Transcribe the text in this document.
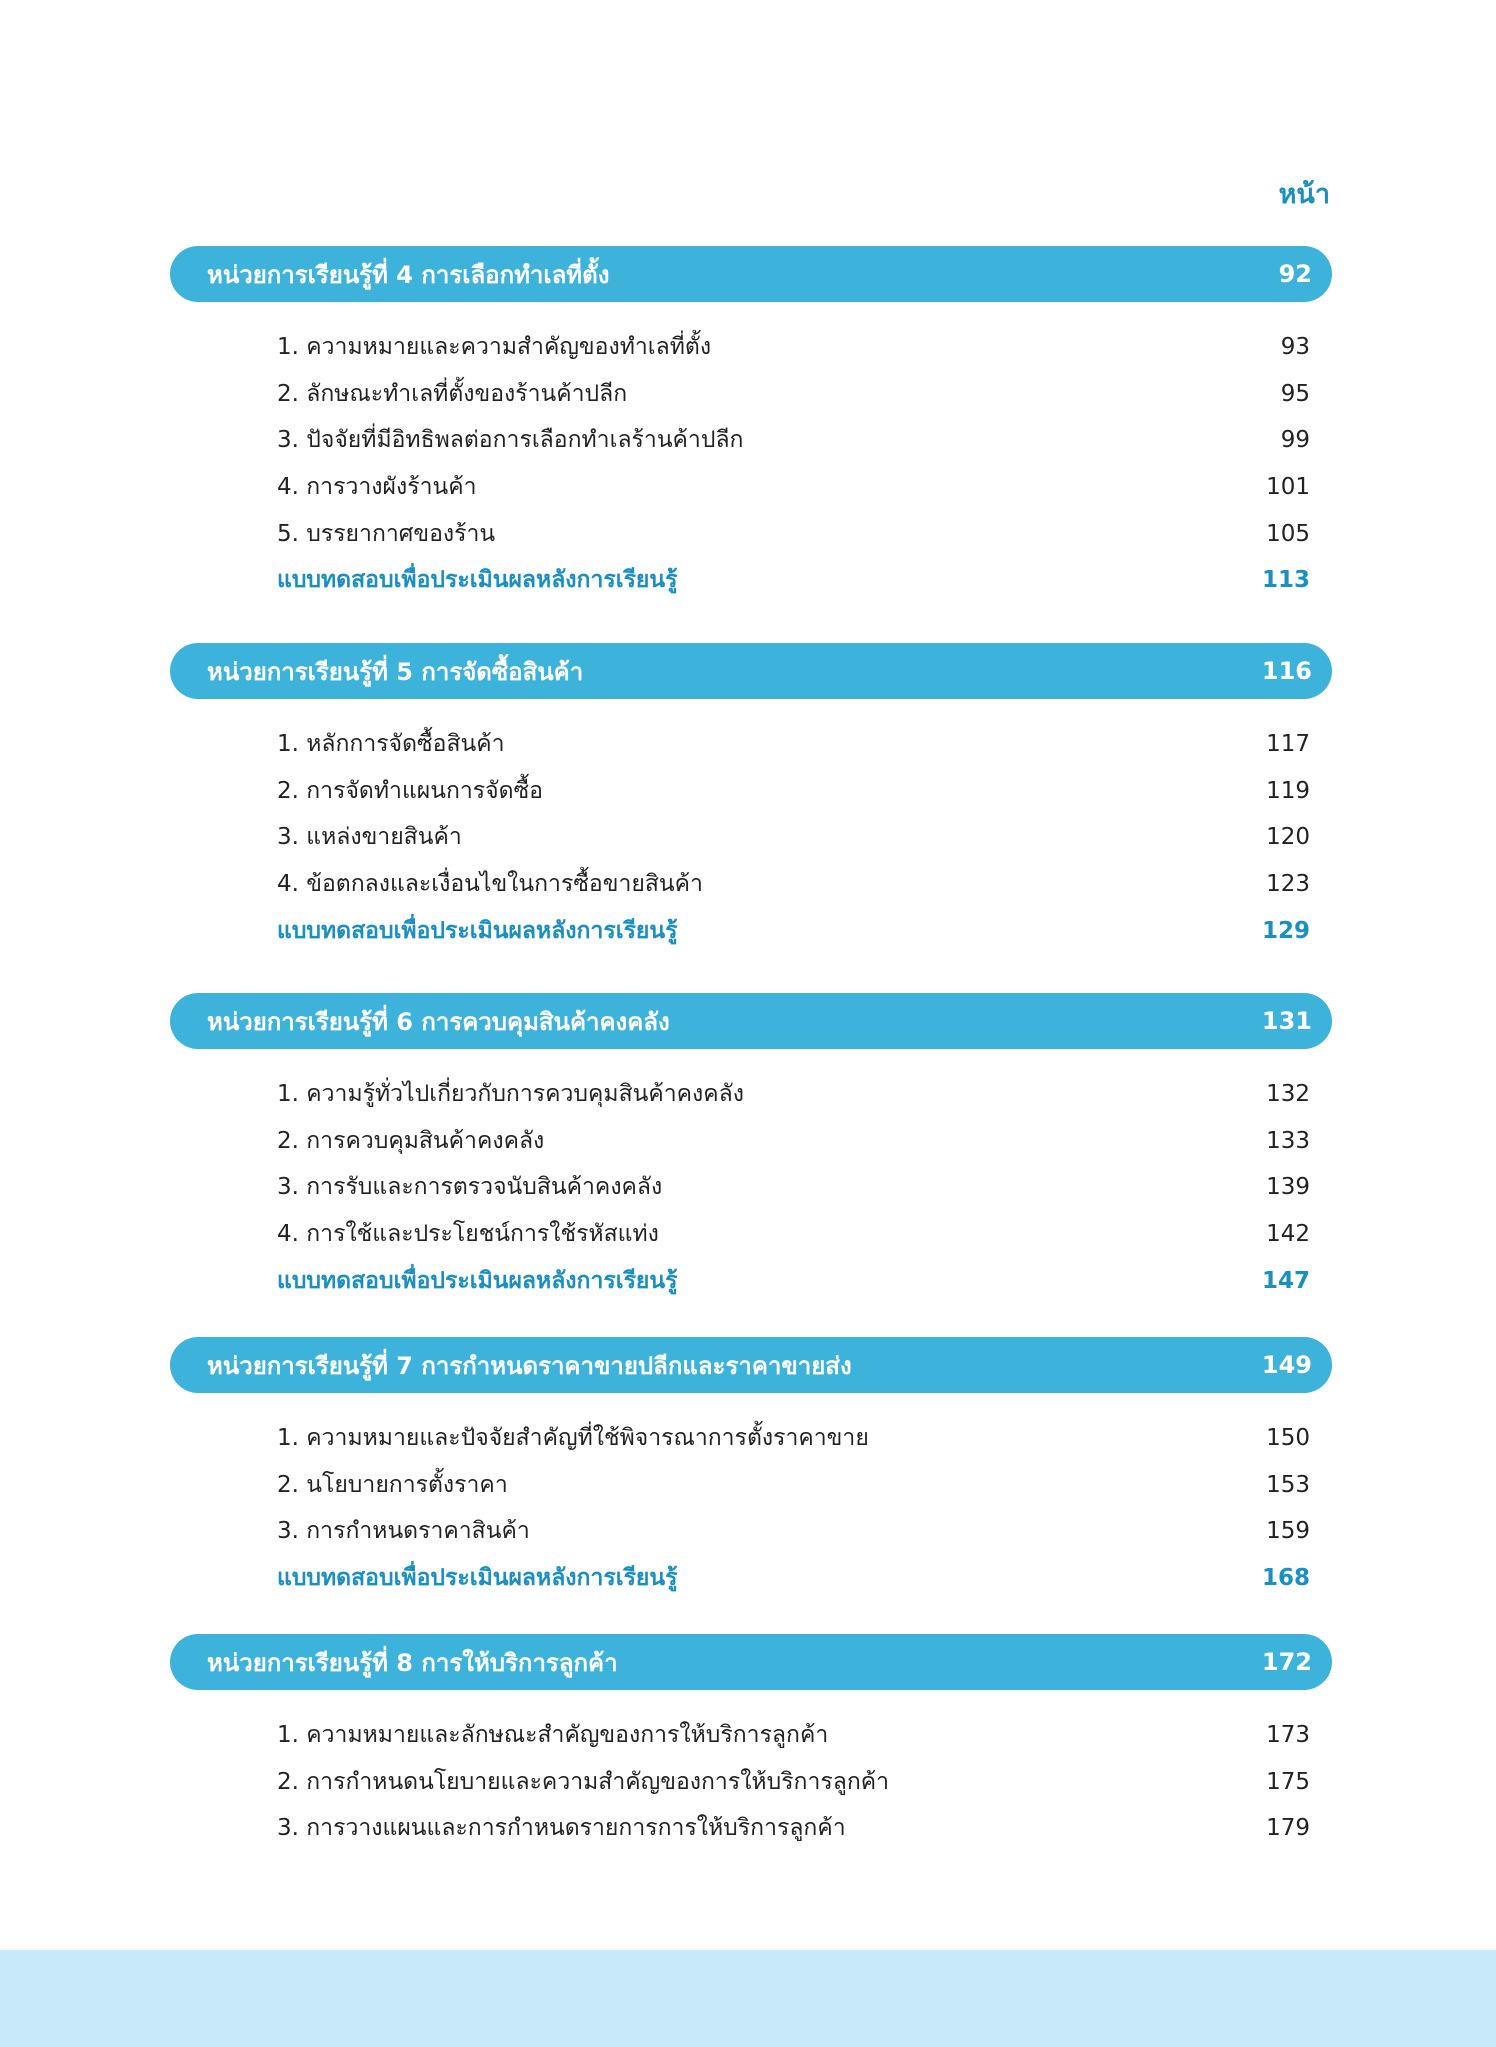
หน้า
หน่วยการเรียนรู้ที่ 4 การเลือกทำเลที่ตั้ง	92
1. ความหมายและความสำคัญของทำเลที่ตั้ง	93
2. ลักษณะทำเลที่ตั้งของร้านค้าปลีก	95
3. ปัจจัยที่มีอิทธิพลต่อการเลือกทำเลร้านค้าปลีก	99
4. การวางผังร้านค้า	101
5. บรรยากาศของร้าน	105
แบบทดสอบเพื่อประเมินผลหลังการเรียนรู้	113
หน่วยการเรียนรู้ที่ 5 การจัดซื้อสินค้า	116
1. หลักการจัดซื้อสินค้า	117
2. การจัดทำแผนการจัดซื้อ	119
3. แหล่งขายสินค้า	120
4. ข้อตกลงและเงื่อนไขในการซื้อขายสินค้า	123
แบบทดสอบเพื่อประเมินผลหลังการเรียนรู้	129
หน่วยการเรียนรู้ที่ 6 การควบคุมสินค้าคงคลัง	131
1. ความรู้ทั่วไปเกี่ยวกับการควบคุมสินค้าคงคลัง	132
2. การควบคุมสินค้าคงคลัง	133
3. การรับและการตรวจนับสินค้าคงคลัง	139
4. การใช้และประโยชน์การใช้รหัสแท่ง	142
แบบทดสอบเพื่อประเมินผลหลังการเรียนรู้	147
หน่วยการเรียนรู้ที่ 7 การกำหนดราคาขายปลีกและราคาขายส่ง	149
1. ความหมายและปัจจัยสำคัญที่ใช้พิจารณาการตั้งราคาขาย	150
2. นโยบายการตั้งราคา	153
3. การกำหนดราคาสินค้า	159
แบบทดสอบเพื่อประเมินผลหลังการเรียนรู้	168
หน่วยการเรียนรู้ที่ 8 การให้บริการลูกค้า	172
1. ความหมายและลักษณะสำคัญของการให้บริการลูกค้า	173
2. การกำหนดนโยบายและความสำคัญของการให้บริการลูกค้า	175
3. การวางแผนและการกำหนดรายการการให้บริการลูกค้า	179
